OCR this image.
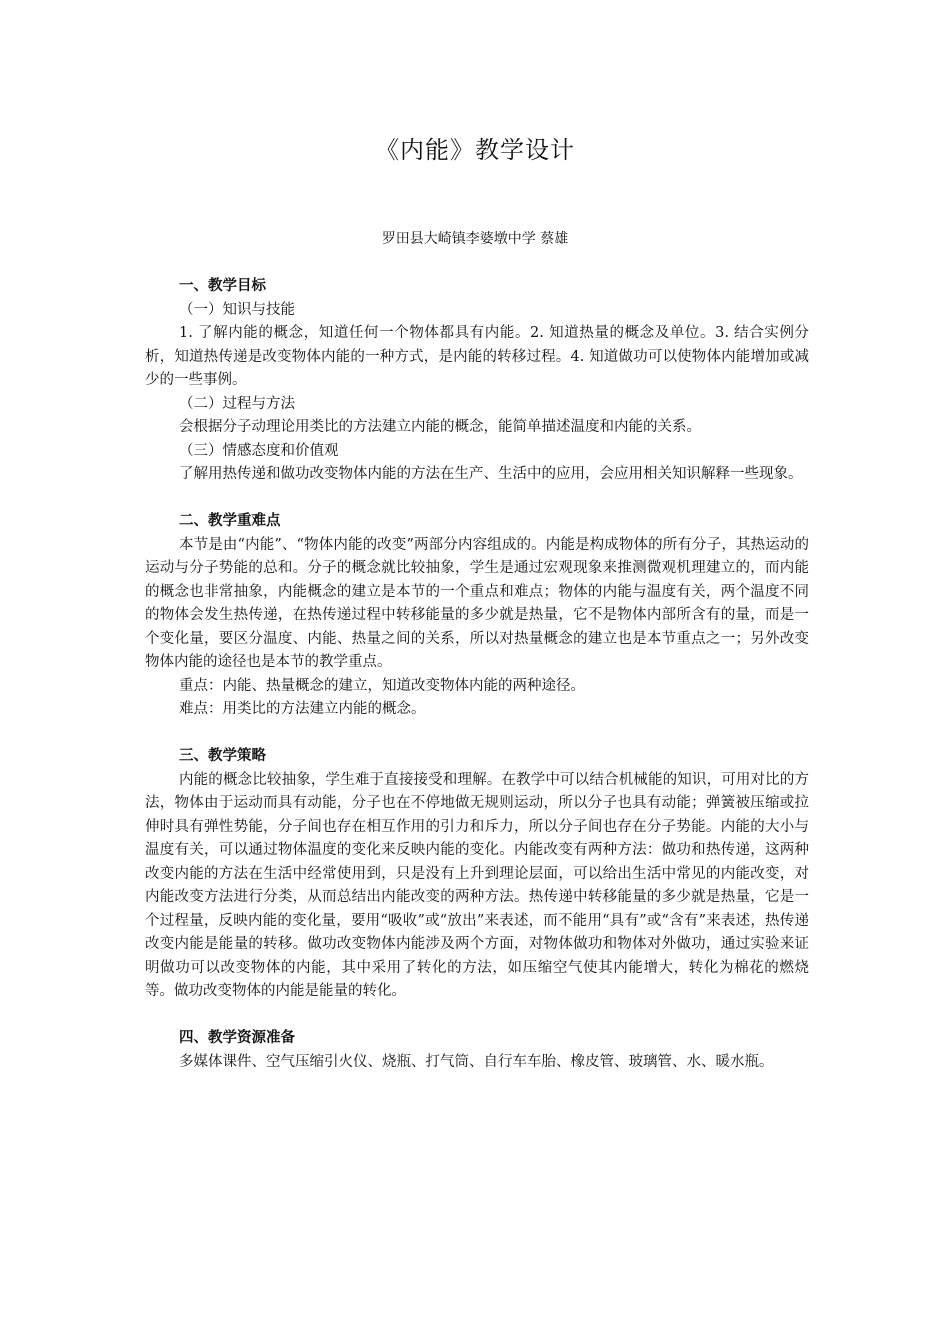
《内能》教学设计
罗田县大崎镇李婆墩中学 蔡雄

一、教学目标

（一）知识与技能

1. 了解内能的概念，知道任何一个物体都具有内能。2. 知道热量的概念及单位。3. 结合实例分析，知道热传递是改变物体内能的一种方式，是内能的转移过程。4. 知道做功可以使物体内能增加或减少的一些事例。

（二）过程与方法

会根据分子动理论用类比的方法建立内能的概念，能简单描述温度和内能的关系。

（三）情感态度和价值观

了解用热传递和做功改变物体内能的方法在生产、生活中的应用，会应用相关知识解释一些现象。

二、教学重难点

本节是由“内能”、“物体内能的改变”两部分内容组成的。内能是构成物体的所有分子，其热运动的运动与分子势能的总和。分子的概念就比较抽象，学生是通过宏观现象来推测微观机理建立的，而内能的概念也非常抽象，内能概念的建立是本节的一个重点和难点；物体的内能与温度有关，两个温度不同的物体会发生热传递，在热传递过程中转移能量的多少就是热量，它不是物体内部所含有的量，而是一个变化量，要区分温度、内能、热量之间的关系，所以对热量概念的建立也是本节重点之一；另外改变物体内能的途径也是本节的教学重点。

重点：内能、热量概念的建立，知道改变物体内能的两种途径。

难点：用类比的方法建立内能的概念。

三、教学策略

内能的概念比较抽象，学生难于直接接受和理解。在教学中可以结合机械能的知识，可用对比的方法，物体由于运动而具有动能，分子也在不停地做无规则运动，所以分子也具有动能；弹簧被压缩或拉伸时具有弹性势能，分子间也存在相互作用的引力和斥力，所以分子间也存在分子势能。内能的大小与温度有关，可以通过物体温度的变化来反映内能的变化。内能改变有两种方法：做功和热传递，这两种改变内能的方法在生活中经常使用到，只是没有上升到理论层面，可以给出生活中常见的内能改变，对内能改变方法进行分类，从而总结出内能改变的两种方法。热传递中转移能量的多少就是热量，它是一个过程量，反映内能的变化量，要用“吸收”或“放出”来表述，而不能用“具有”或“含有”来表述，热传递改变内能是能量的转移。做功改变物体内能涉及两个方面，对物体做功和物体对外做功，通过实验来证明做功可以改变物体的内能，其中采用了转化的方法，如压缩空气使其内能增大，转化为棉花的燃烧等。做功改变物体的内能是能量的转化。

四、教学资源准备

多媒体课件、空气压缩引火仪、烧瓶、打气筒、自行车车胎、橡皮管、玻璃管、水、暖水瓶。
